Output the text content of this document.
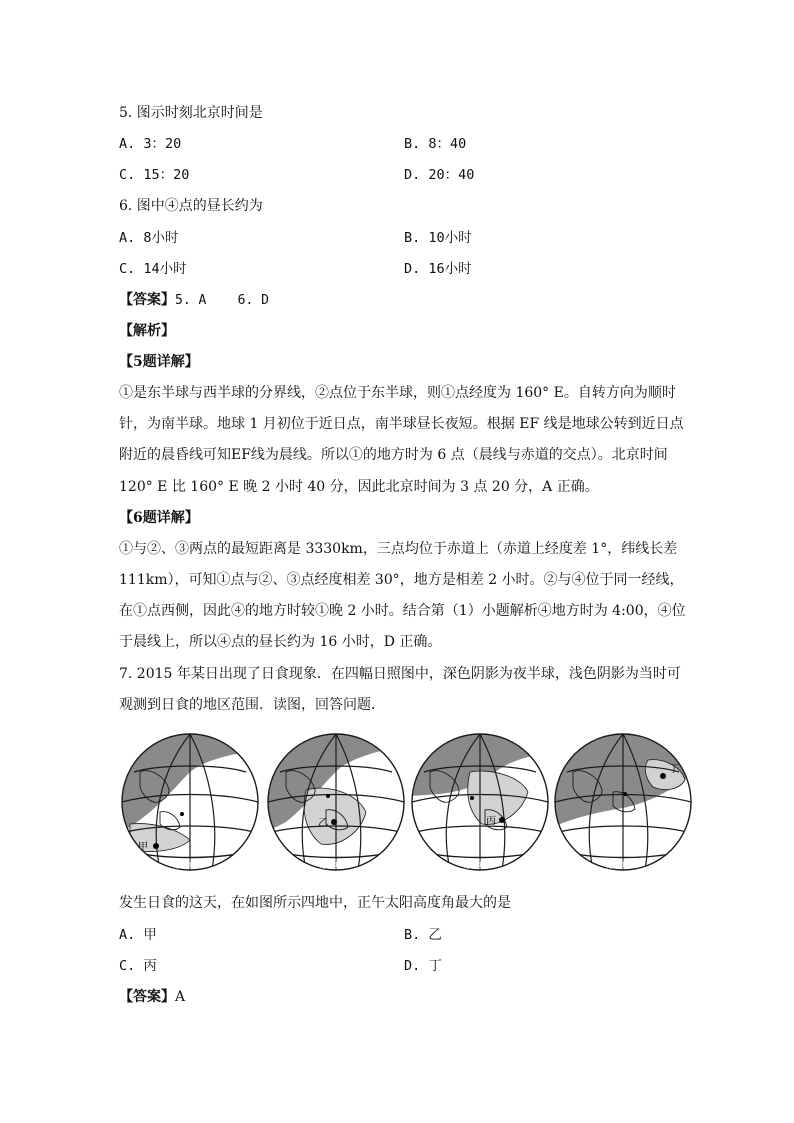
5. 图示时刻北京时间是
A. 3：20	B. 8：40
C. 15：20	D. 20：40
6. 图中④点的昼长约为
A. 8小时	B. 10小时
C. 14小时	D. 16小时
【答案】5. A    6. D
【解析】
【5题详解】
①是东半球与西半球的分界线，②点位于东半球，则①点经度为 160° E。自转方向为顺时
针，为南半球。地球 1 月初位于近日点，南半球昼长夜短。根据 EF 线是地球公转到近日点
附近的晨昏线可知EF线为晨线。所以①的地方时为 6 点（晨线与赤道的交点）。北京时间
120° E 比 160° E 晚 2 小时 40 分，因此北京时间为 3 点 20 分，A 正确。
【6题详解】
①与②、③两点的最短距离是 3330km，三点均位于赤道上（赤道上经度差 1°，纬线长差
111km），可知①点与②、③点经度相差 30°，地方是相差 2 小时。②与④位于同一经线，
在①点西侧，因此④的地方时较①晚 2 小时。结合第（1）小题解析④地方时为 4:00，④位
于晨线上，所以④点的昼长约为 16 小时，D 正确。
7. 2015 年某日出现了日食现象．在四幅日照图中，深色阴影为夜半球，浅色阴影为当时可
观测到日食的地区范围．读图，回答问题．
甲
赤道
乙
赤道
丙
赤道
丁
赤道
发生日食的这天，在如图所示四地中，正午太阳高度角最大的是
A. 甲	B. 乙
C. 丙	D. 丁
【答案】A
